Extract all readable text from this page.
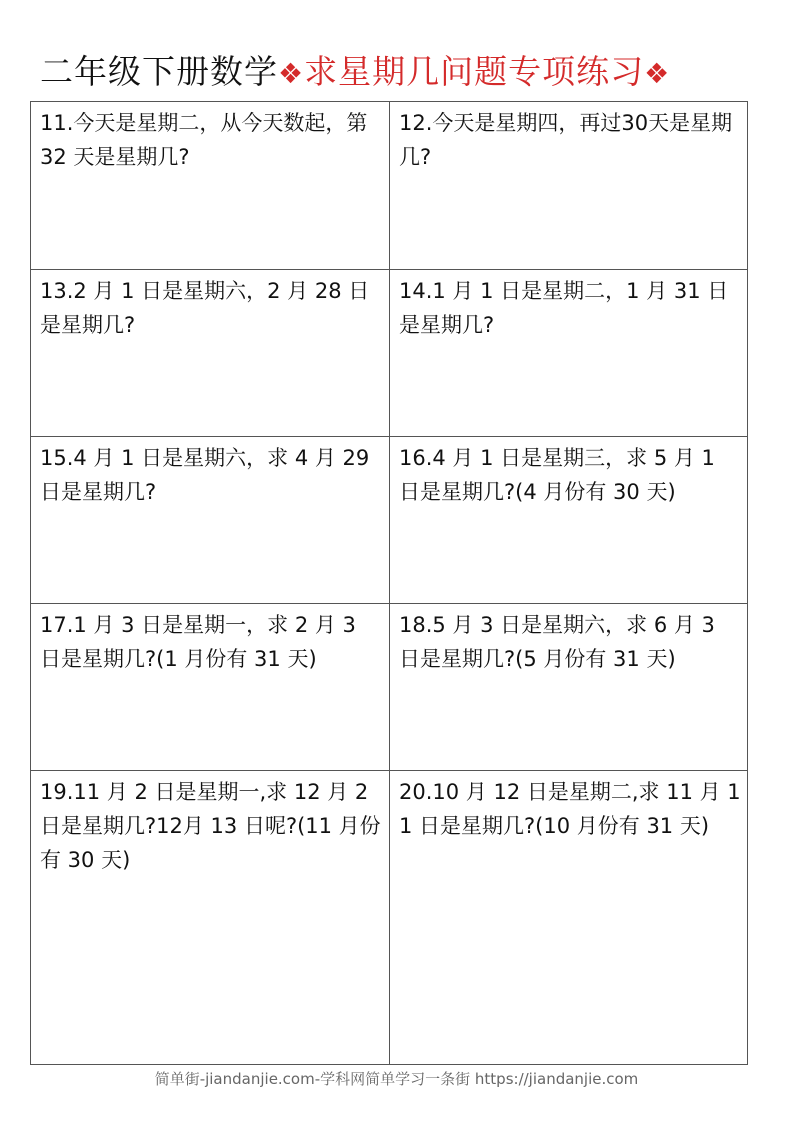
二年级下册数学❖求星期几问题专项练习❖
11.今天是星期二，从今天数起，第 32 天是星期几?
12.今天是星期四，再过30天是星期几?
13.2 月 1 日是星期六，2 月 28 日是星期几?
14.1 月 1 日是星期二，1 月 31 日是星期几?
15.4 月 1 日是星期六，求 4 月 29 日是星期几?
16.4 月 1 日是星期三，求 5 月 1 日是星期几?(4 月份有 30 天)
17.1 月 3 日是星期一，求 2 月 3 日是星期几?(1 月份有 31 天)
18.5 月 3 日是星期六，求 6 月 3 日是星期几?(5 月份有 31 天)
19.11 月 2 日是星期一,求 12 月 2 日是星期几?12月 13 日呢?(11 月份有 30 天)
20.10 月 12 日是星期二,求 11 月 11 日是星期几?(10 月份有 31 天)
简单街-jiandanjie.com-学科网简单学习一条街 https://jiandanjie.com
